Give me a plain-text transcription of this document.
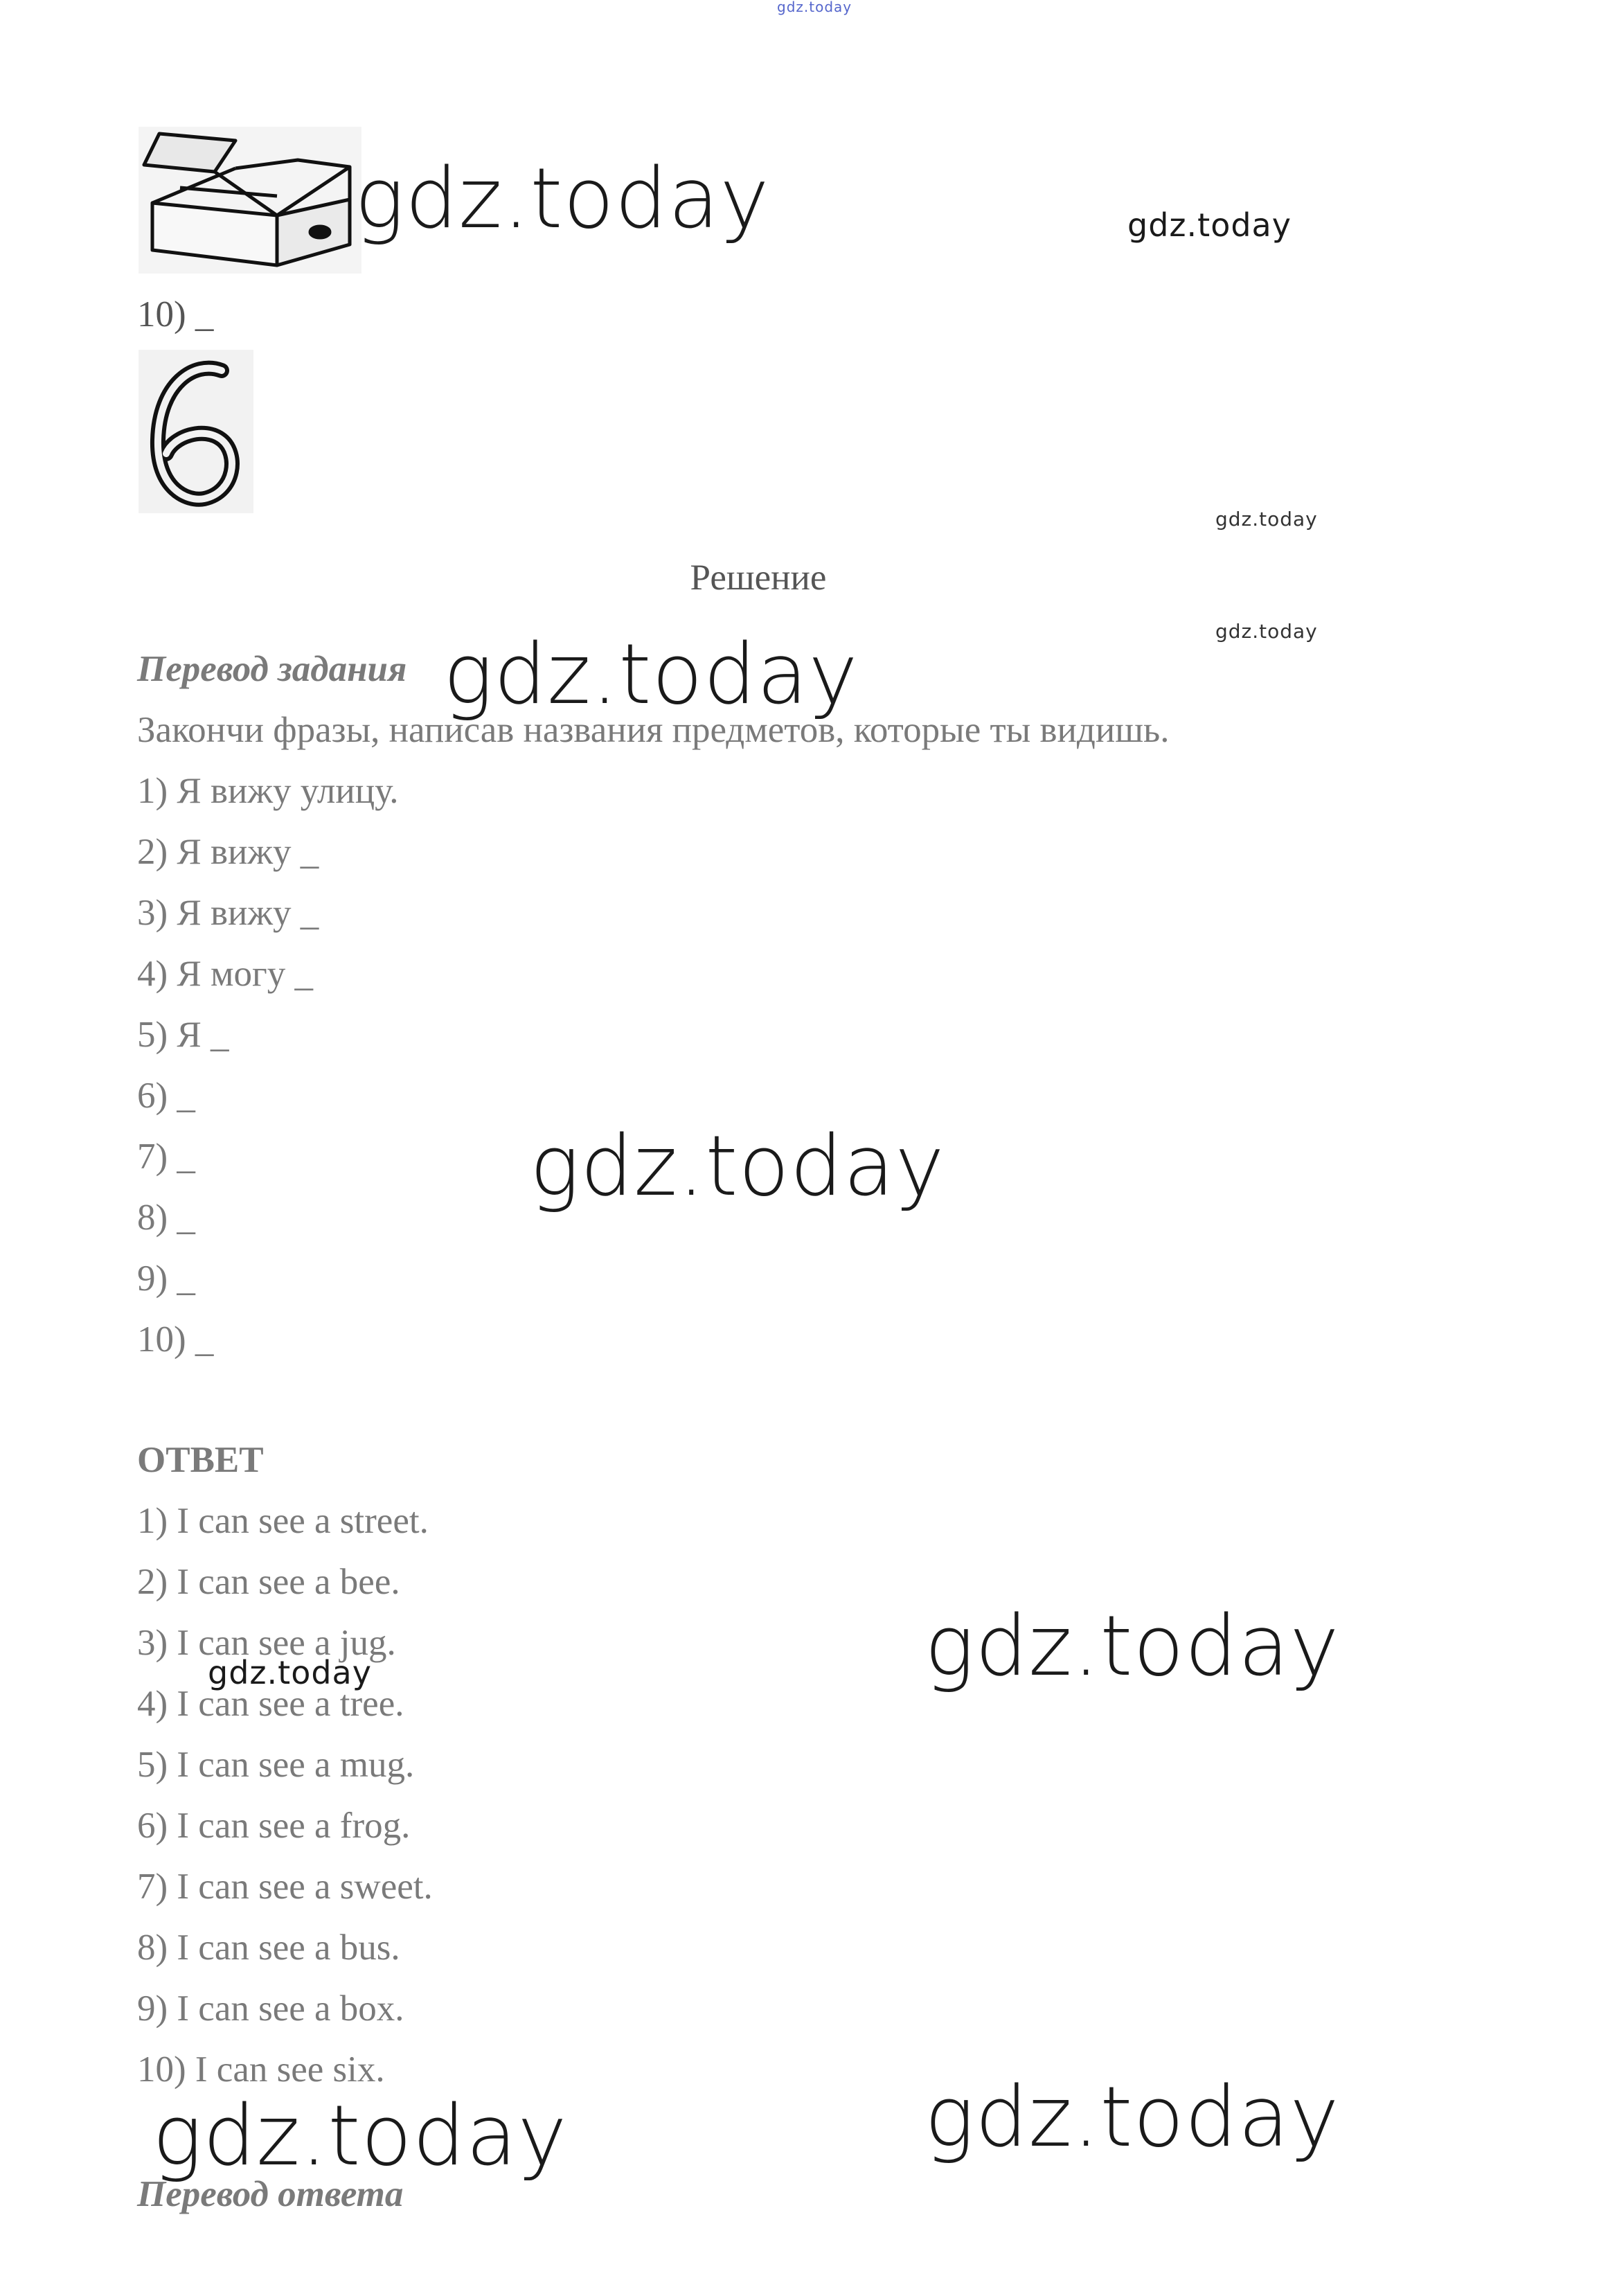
gdz.today
gdz.today	gdz.today
10) _
gdz.today
Решение
gdz.today
Перевод задания gdz.today
Закончи фразы, написав названия предметов, которые ты видишь.
1) Я вижу улицу.
2) Я вижу _
3) Я вижу _
4) Я могу _
5) Я _
6) _
7) _
8) _
9) _
10) _
gdz.today
ОТВЕТ
1) I can see a street.
2) I can see a bee.
3) I can see a jug.
4) I can see a tree.
5) I can see a mug.
6) I can see a frog.
7) I can see a sweet.
8) I can see a bus.
9) I can see a box.
10) I can see six.
gdz.today	gdz.today
gdz.today	gdz.today
Перевод ответа
